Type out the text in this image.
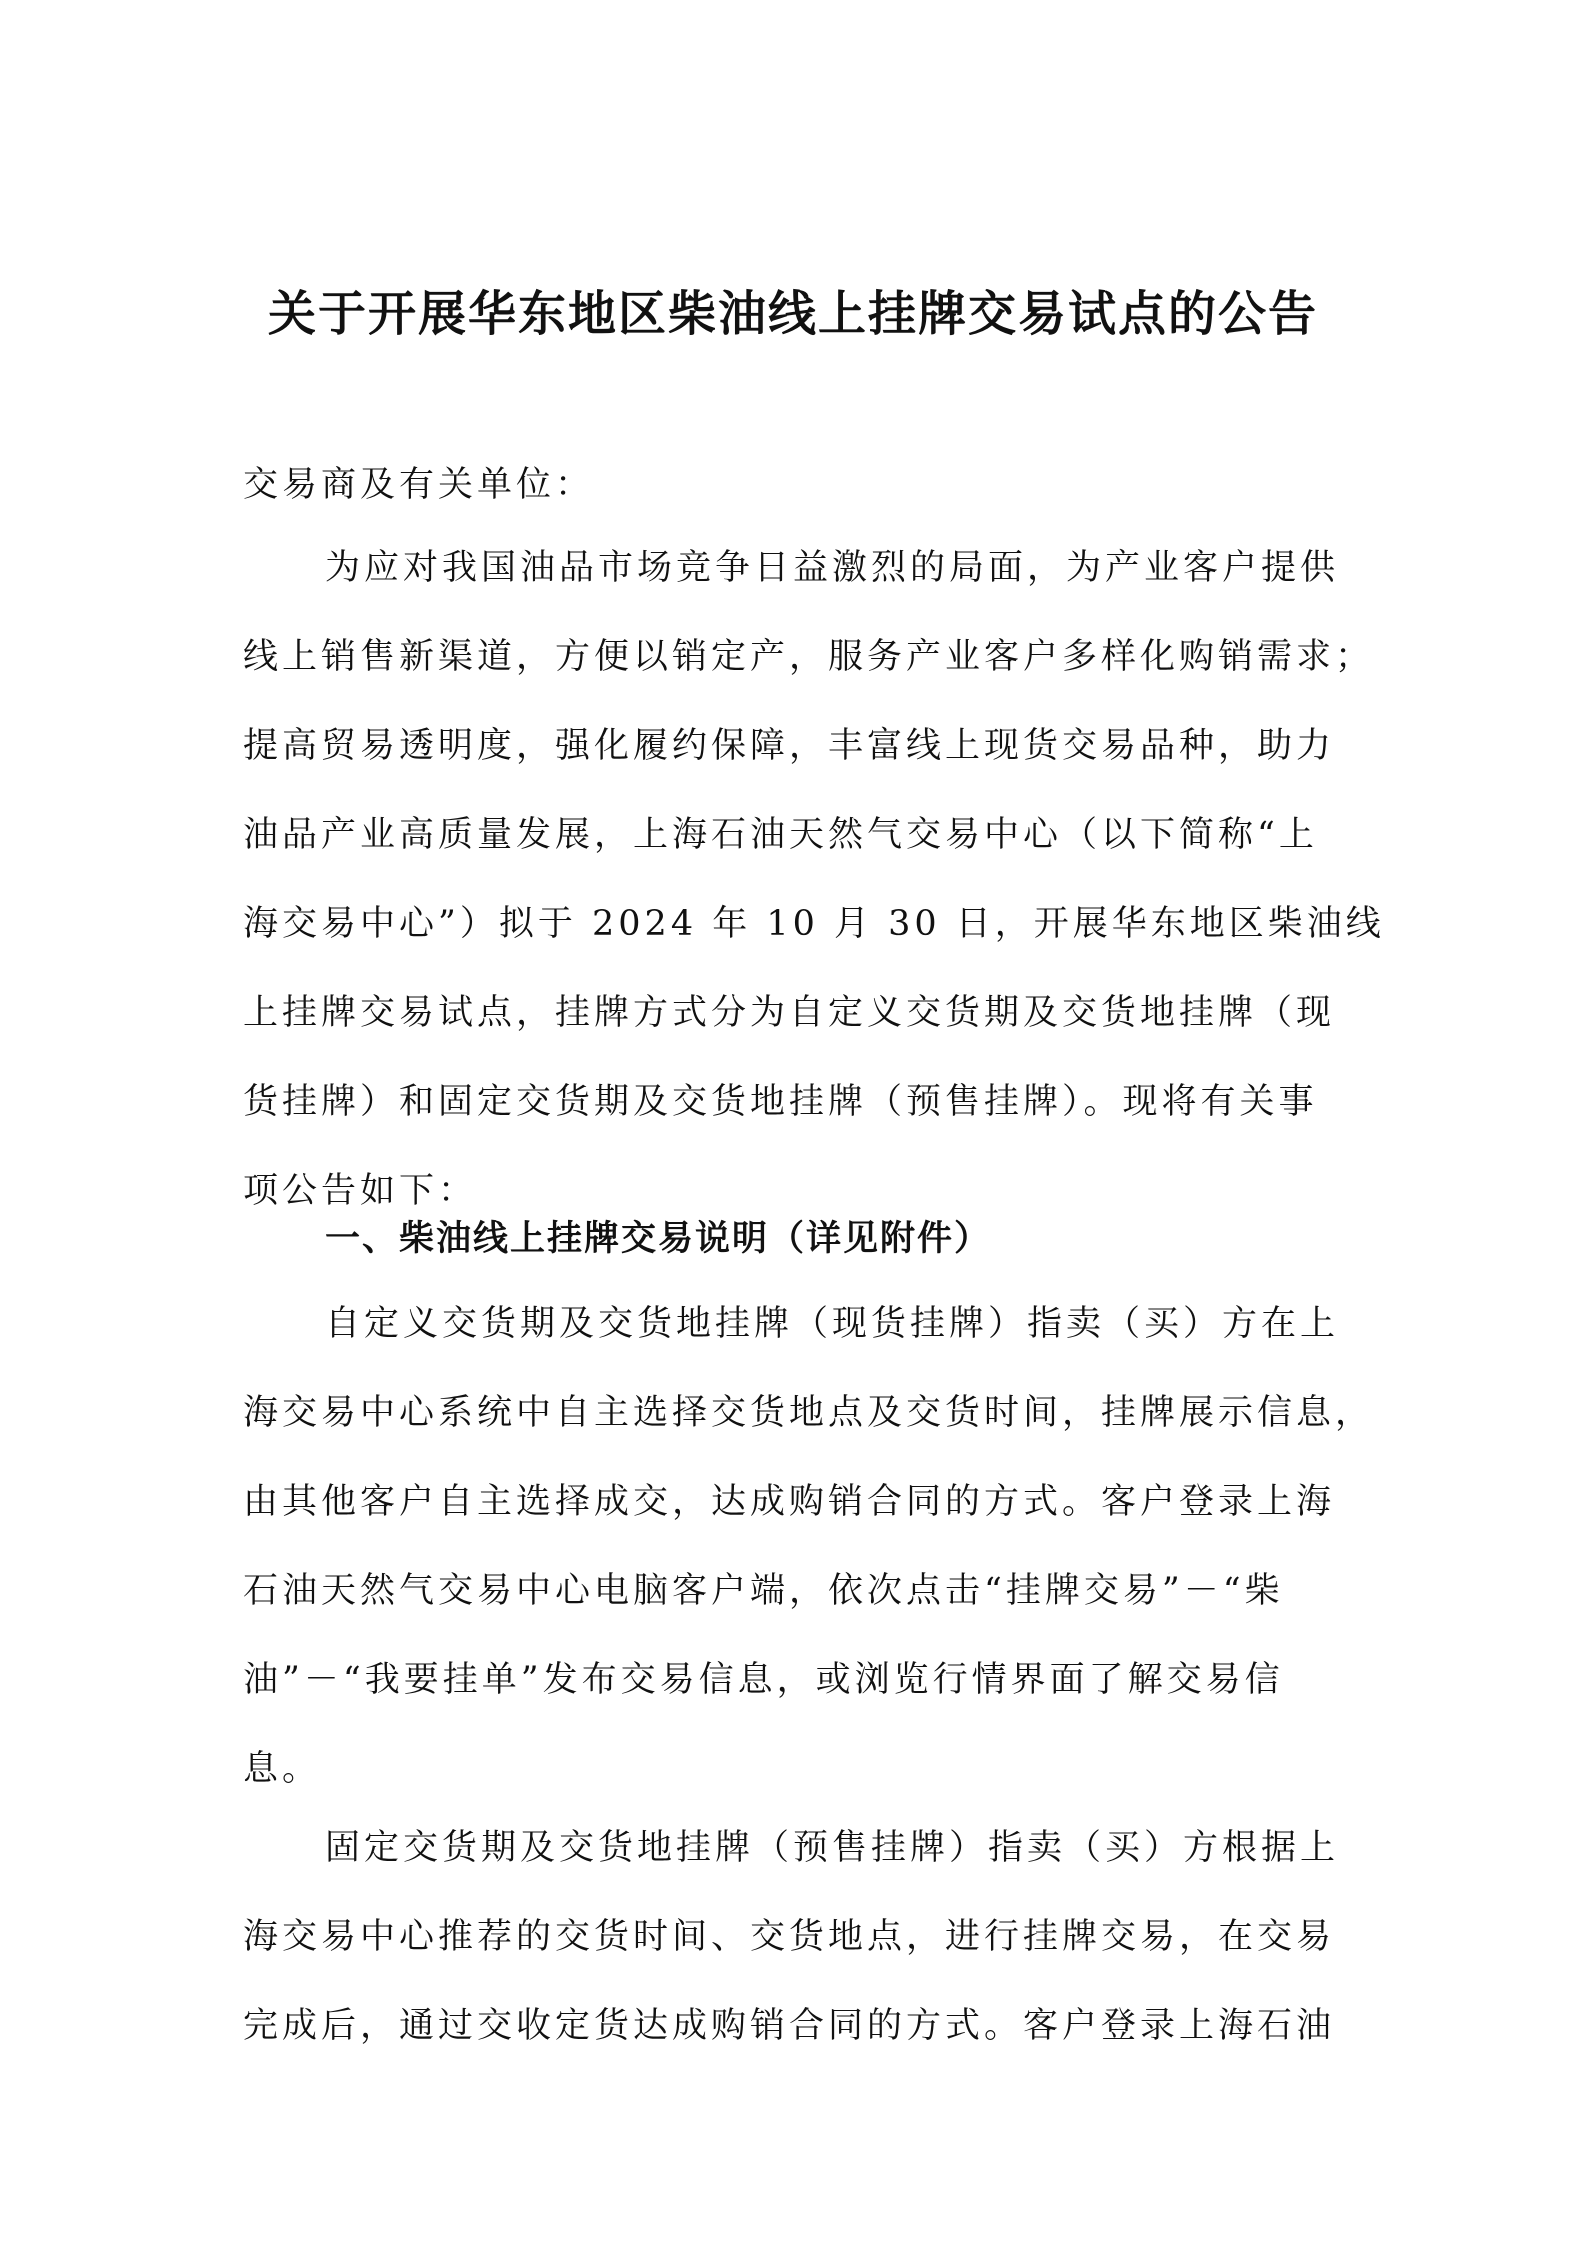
关于开展华东地区柴油线上挂牌交易试点的公告
交易商及有关单位：
为应对我国油品市场竞争日益激烈的局面，为产业客户提供
线上销售新渠道，方便以销定产，服务产业客户多样化购销需求；
提高贸易透明度，强化履约保障，丰富线上现货交易品种，助力
油品产业高质量发展，上海石油天然气交易中心（以下简称“上
海交易中心”）拟于 2024 年 10 月 30 日，开展华东地区柴油线
上挂牌交易试点，挂牌方式分为自定义交货期及交货地挂牌（现
货挂牌）和固定交货期及交货地挂牌（预售挂牌）。现将有关事
项公告如下：
一、柴油线上挂牌交易说明（详见附件）
自定义交货期及交货地挂牌（现货挂牌）指卖（买）方在上
海交易中心系统中自主选择交货地点及交货时间，挂牌展示信息，
由其他客户自主选择成交，达成购销合同的方式。客户登录上海
石油天然气交易中心电脑客户端，依次点击“挂牌交易”－“柴
油”－“我要挂单”发布交易信息，或浏览行情界面了解交易信
息。
固定交货期及交货地挂牌（预售挂牌）指卖（买）方根据上
海交易中心推荐的交货时间、交货地点，进行挂牌交易，在交易
完成后，通过交收定货达成购销合同的方式。客户登录上海石油
